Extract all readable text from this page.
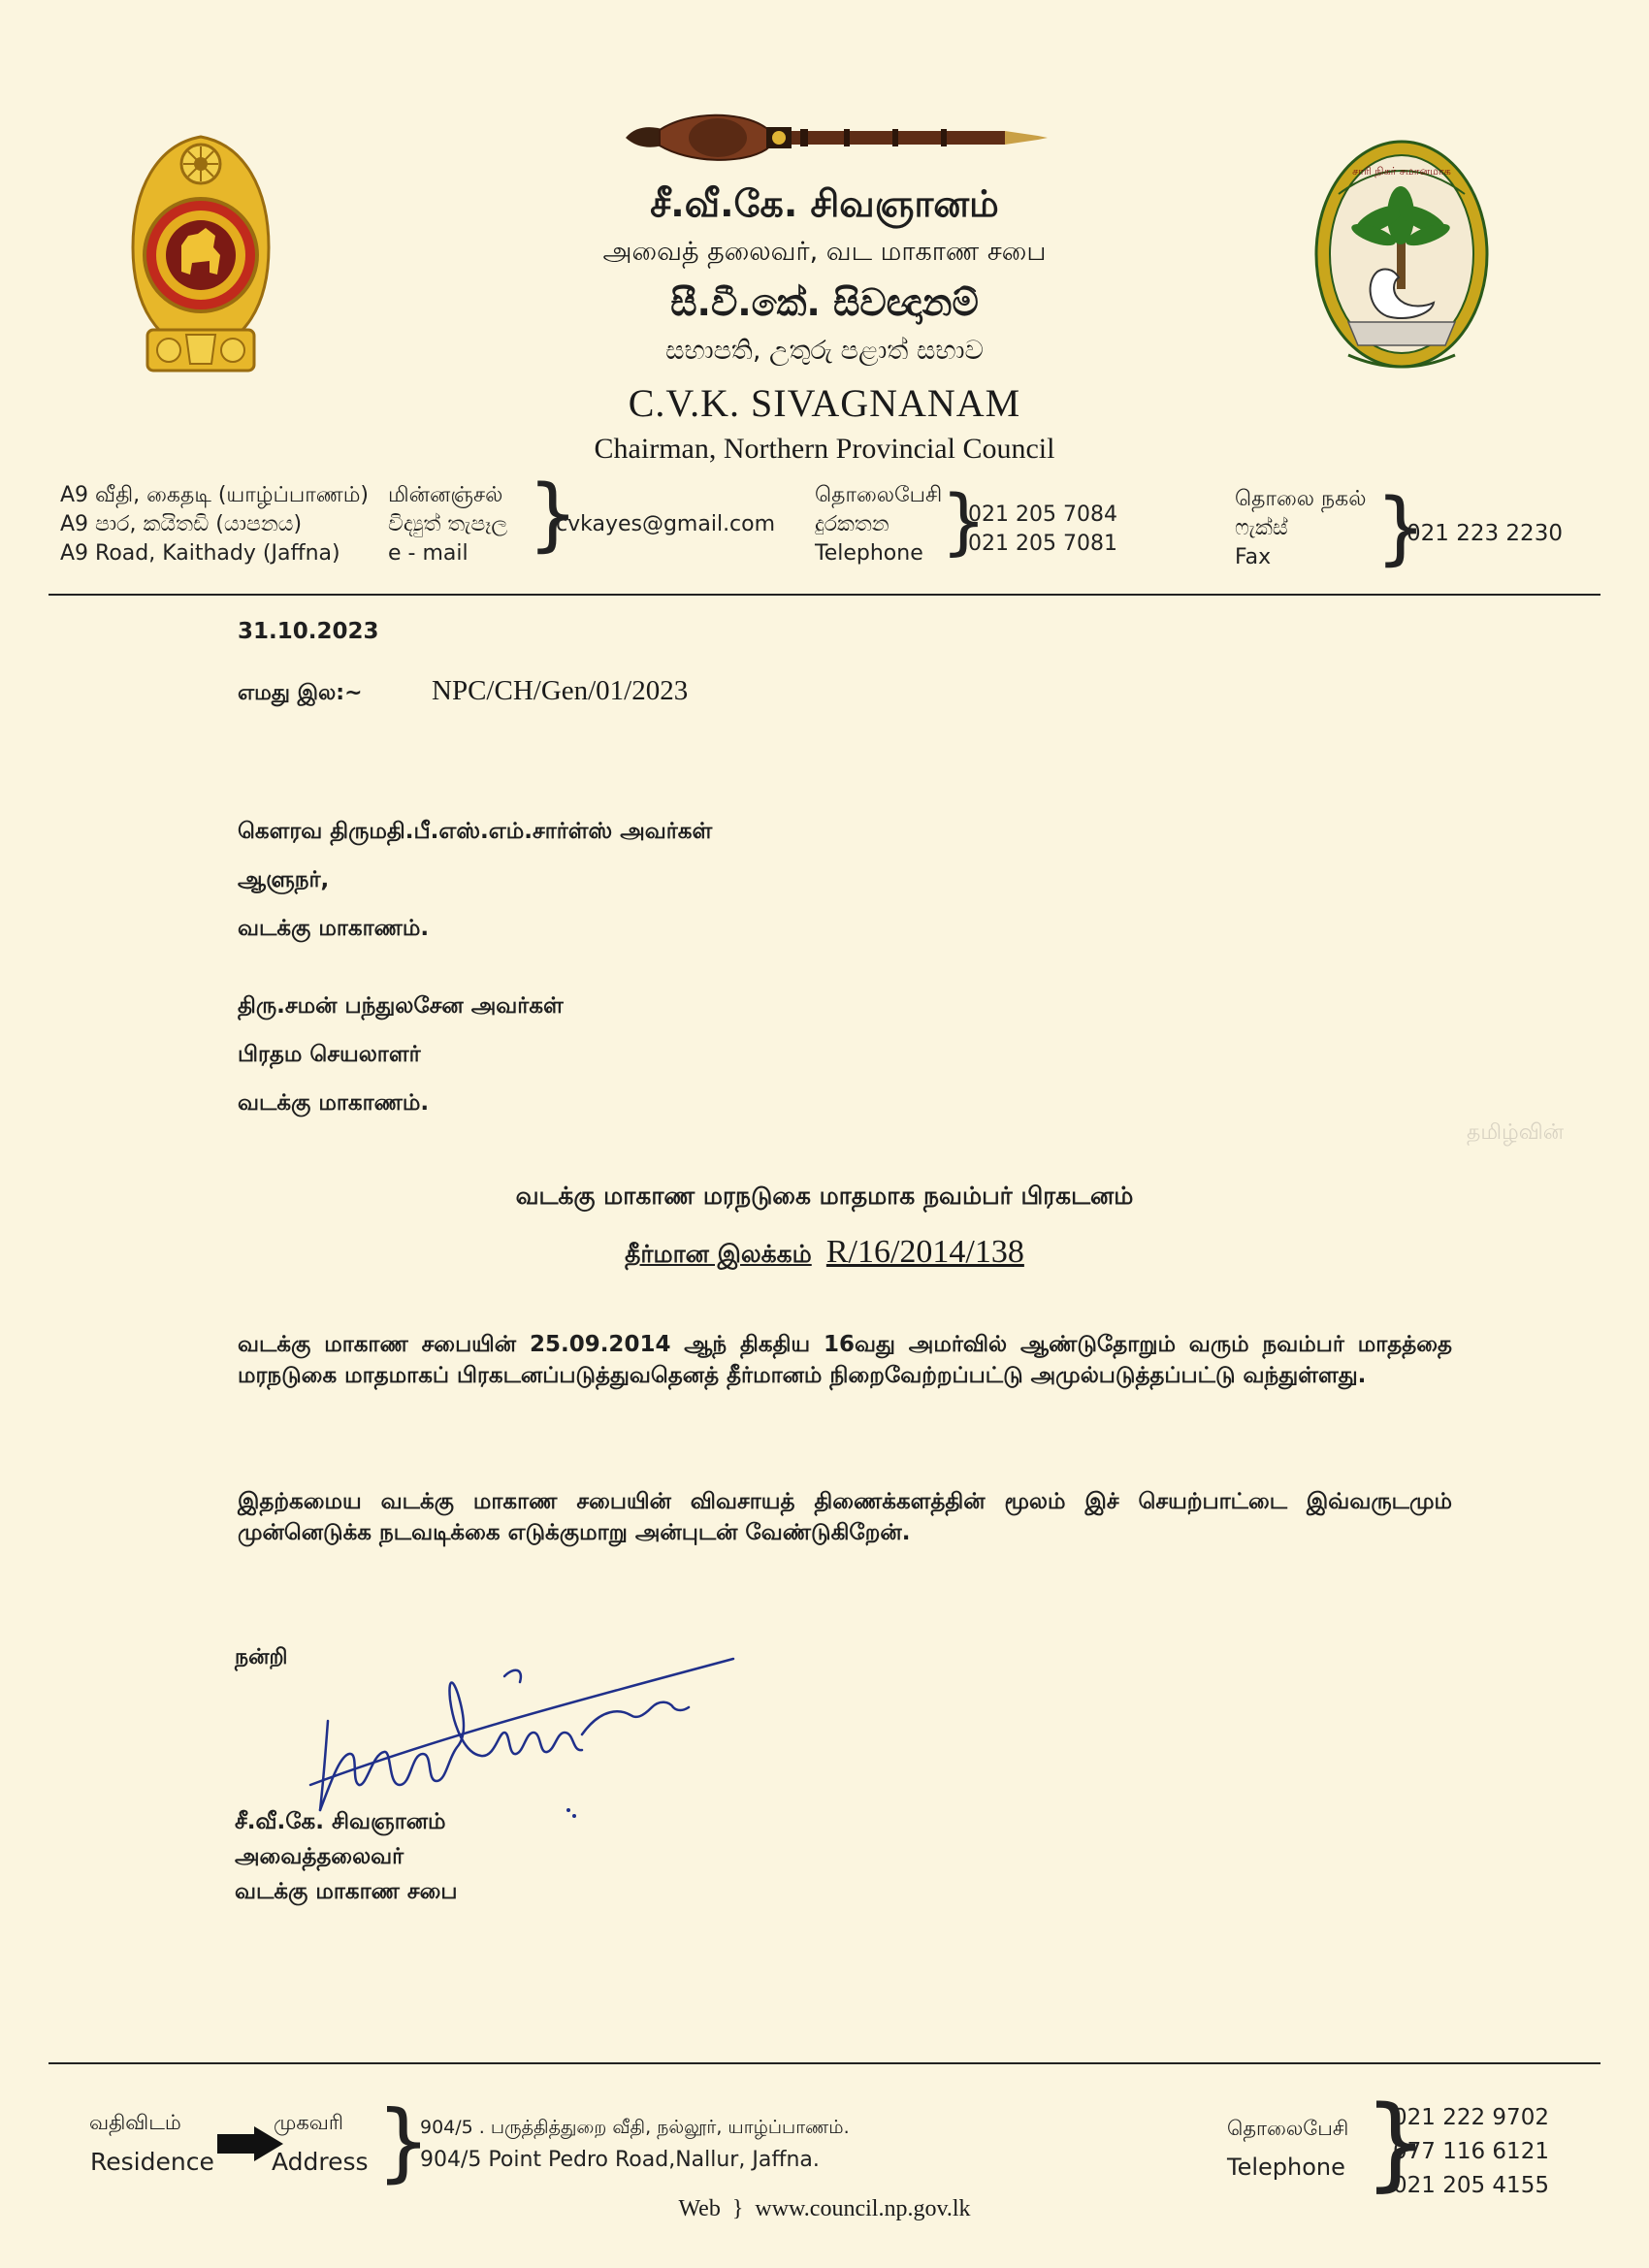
சீ.வீ.கே. சிவஞானம்
அவைத் தலைவர், வட மாகாண சபை
සී.වී.කේ. සිවඥානම්
සභාපති, උතුරු පළාත් සභාව
C.V.K. SIVAGNANAM
Chairman, Northern Provincial Council
சாரி நிகர் சமானமாக
A9 வீதி, கைதடி (யாழ்ப்பாணம்)
A9 පාර, කයිතඩි (යාපනය)
A9 Road, Kaithady (Jaffna)
மின்னஞ்சல்
විද්‍යුත් තැපෑල
e - mail }
cvkayes@gmail.com
தொலைபேசி
දුරකතන
Telephone }
021 205 7084
021 205 7081
தொலை நகல்
ෆැක්ස්
Fax	}
021 223 2230
31.10.2023
எமது இல:~ NPC/CH/Gen/01/2023
கௌரவ திருமதி.பீ.எஸ்.எம்.சார்ள்ஸ் அவர்கள்
ஆளுநர்,
வடக்கு மாகாணம்.
திரு.சமன் பந்துலசேன அவர்கள்
பிரதம செயலாளர்
வடக்கு மாகாணம்.
தமிழ்வின்
வடக்கு மாகாண மரநடுகை மாதமாக நவம்பர் பிரகடனம்
தீர்மான இலக்கம் R/16/2014/138
வடக்கு மாகாண சபையின் 25.09.2014 ஆந் திகதிய 16வது அமர்வில் ஆண்டுதோறும் வரும் நவம்பர் மாதத்தை மரநடுகை மாதமாகப் பிரகடனப்படுத்துவதெனத் தீர்மானம் நிறைவேற்றப்பட்டு அமுல்படுத்தப்பட்டு வந்துள்ளது.
இதற்கமைய வடக்கு மாகாண சபையின் விவசாயத் திணைக்களத்தின் மூலம் இச் செயற்பாட்டை இவ்வருடமும் முன்னெடுக்க நடவடிக்கை எடுக்குமாறு அன்புடன் வேண்டுகிறேன்.
நன்றி
சீ.வீ.கே. சிவஞானம்
அவைத்தலைவர்
வடக்கு மாகாண சபை
வதிவிடம்
Residence
முகவரி
Address }
904/5 . பருத்தித்துறை வீதி, நல்லூர், யாழ்ப்பாணம்.
904/5 Point Pedro Road,Nallur, Jaffna.
தொலைபேசி
Telephone }
021 222 9702
077 116 6121
021 205 4155
Web } www.council.np.gov.lk
